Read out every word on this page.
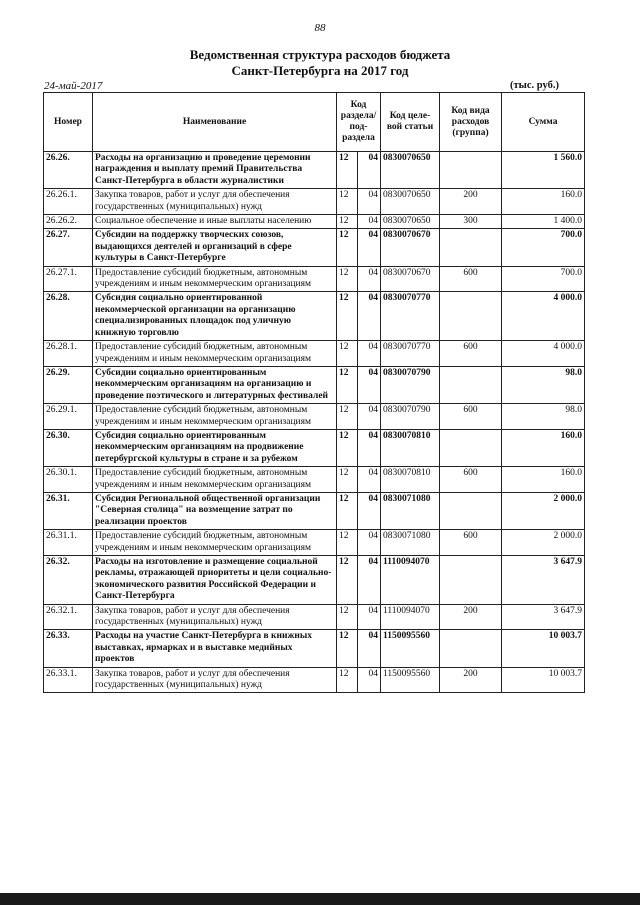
88
Ведомственная структура расходов бюджета
Санкт-Петербурга на 2017 год
24-май-2017	(тыс. руб.)
Номер	Наименование	Код раздела/ под- раздела		Код целе- вой статьи	Код вида расходов (группа)	Сумма
26.26.	Расходы на организацию и проведение церемонии награждения и выплату премий Правительства Санкт-Петербурга в области журналистики	12	04	0830070650		1 560.0
26.26.1.	Закупка товаров, работ и услуг для обеспечения государственных (муниципальных) нужд	12	04	0830070650	200	160.0
26.26.2.	Социальное обеспечение и иные выплаты населению	12	04	0830070650	300	1 400.0
26.27.	Субсидии на поддержку творческих союзов, выдающихся деятелей и организаций в сфере культуры в Санкт-Петербурге	12	04	0830070670		700.0
26.27.1.	Предоставление субсидий бюджетным, автономным учреждениям и иным некоммерческим организациям	12	04	0830070670	600	700.0
26.28.	Субсидия социально ориентированной некоммерческой организации на организацию специализированных площадок под уличную книжную торговлю	12	04	0830070770		4 000.0
26.28.1.	Предоставление субсидий бюджетным, автономным учреждениям и иным некоммерческим организациям	12	04	0830070770	600	4 000.0
26.29.	Субсидии социально ориентированным некоммерческим организациям на организацию и проведение поэтического и литературных фестивалей	12	04	0830070790		98.0
26.29.1.	Предоставление субсидий бюджетным, автономным учреждениям и иным некоммерческим организациям	12	04	0830070790	600	98.0
26.30.	Субсидия социально ориентированным некоммерческим организациям на продвижение петербургской культуры в стране и за рубежом	12	04	0830070810		160.0
26.30.1.	Предоставление субсидий бюджетным, автономным учреждениям и иным некоммерческим организациям	12	04	0830070810	600	160.0
26.31.	Субсидия Региональной общественной организации "Северная столица" на возмещение затрат по реализации проектов	12	04	0830071080		2 000.0
26.31.1.	Предоставление субсидий бюджетным, автономным учреждениям и иным некоммерческим организациям	12	04	0830071080	600	2 000.0
26.32.	Расходы на изготовление и размещение социальной рекламы, отражающей приоритеты и цели социально-экономического развития Российской Федерации и Санкт-Петербурга	12	04	1110094070		3 647.9
26.32.1.	Закупка товаров, работ и услуг для обеспечения государственных (муниципальных) нужд	12	04	1110094070	200	3 647.9
26.33.	Расходы на участие Санкт-Петербурга в книжных выставках, ярмарках и в выставке медийных проектов	12	04	1150095560		10 003.7
26.33.1.	Закупка товаров, работ и услуг для обеспечения государственных (муниципальных) нужд	12	04	1150095560	200	10 003.7
